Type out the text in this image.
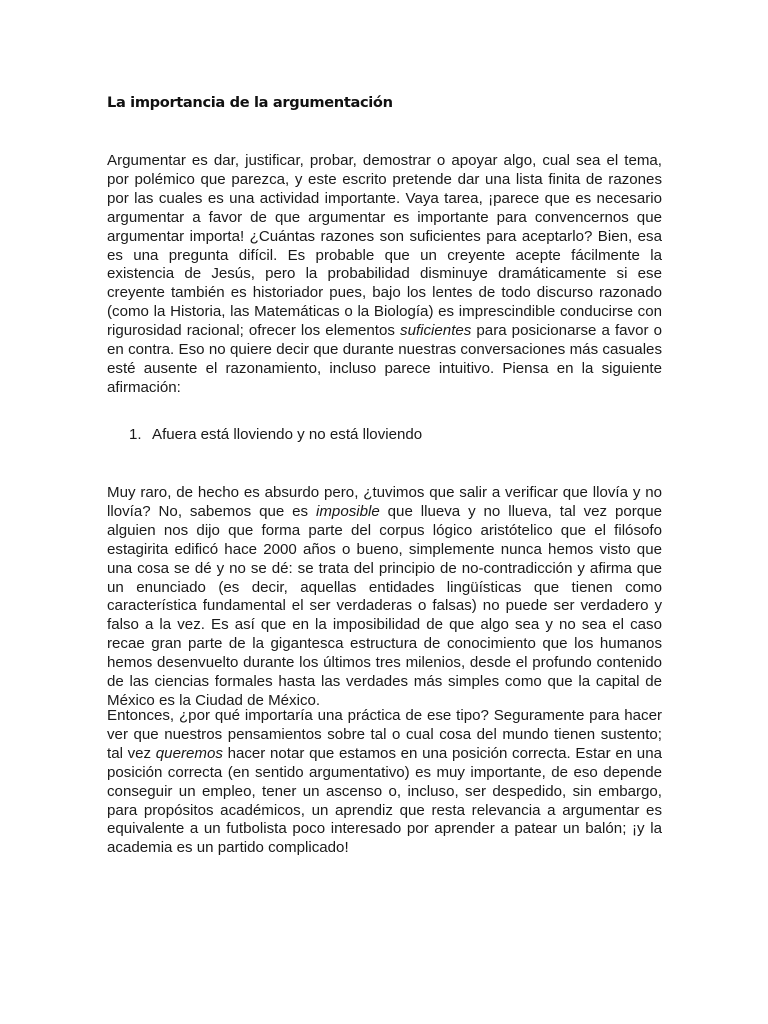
La importancia de la argumentación

Argumentar es dar, justificar, probar, demostrar o apoyar algo, cual sea el tema, por polémico que parezca, y este escrito pretende dar una lista finita de razones por las cuales es una actividad importante. Vaya tarea, ¡parece que es necesario argumentar a favor de que argumentar es importante para convencernos que argumentar importa! ¿Cuántas razones son suficientes para aceptarlo? Bien, esa es una pregunta difícil. Es probable que un creyente acepte fácilmente la existencia de Jesús, pero la probabilidad disminuye dramáticamente si ese creyente también es historiador pues, bajo los lentes de todo discurso razonado (como la Historia, las Matemáticas o la Biología) es imprescindible conducirse con rigurosidad racional; ofrecer los elementos suficientes para posicionarse a favor o en contra. Eso no quiere decir que durante nuestras conversaciones más casuales esté ausente el razonamiento, incluso parece intuitivo. Piensa en la siguiente afirmación:

1. Afuera está lloviendo y no está lloviendo

Muy raro, de hecho es absurdo pero, ¿tuvimos que salir a verificar que llovía y no llovía? No, sabemos que es imposible que llueva y no llueva, tal vez porque alguien nos dijo que forma parte del corpus lógico aristótelico que el filósofo estagirita edificó hace 2000 años o bueno, simplemente nunca hemos visto que una cosa se dé y no se dé: se trata del principio de no-contradicción y afirma que un enunciado (es decir, aquellas entidades lingüísticas que tienen como característica fundamental el ser verdaderas o falsas) no puede ser verdadero y falso a la vez. Es así que en la imposibilidad de que algo sea y no sea el caso recae gran parte de la gigantesca estructura de conocimiento que los humanos hemos desenvuelto durante los últimos tres milenios, desde el profundo contenido de las ciencias formales hasta las verdades más simples como que la capital de México es la Ciudad de México.

Entonces, ¿por qué importaría una práctica de ese tipo? Seguramente para hacer ver que nuestros pensamientos sobre tal o cual cosa del mundo tienen sustento; tal vez queremos hacer notar que estamos en una posición correcta. Estar en una posición correcta (en sentido argumentativo) es muy importante, de eso depende conseguir un empleo, tener un ascenso o, incluso, ser despedido, sin embargo, para propósitos académicos, un aprendiz que resta relevancia a argumentar es equivalente a un futbolista poco interesado por aprender a patear un balón; ¡y la academia es un partido complicado!
